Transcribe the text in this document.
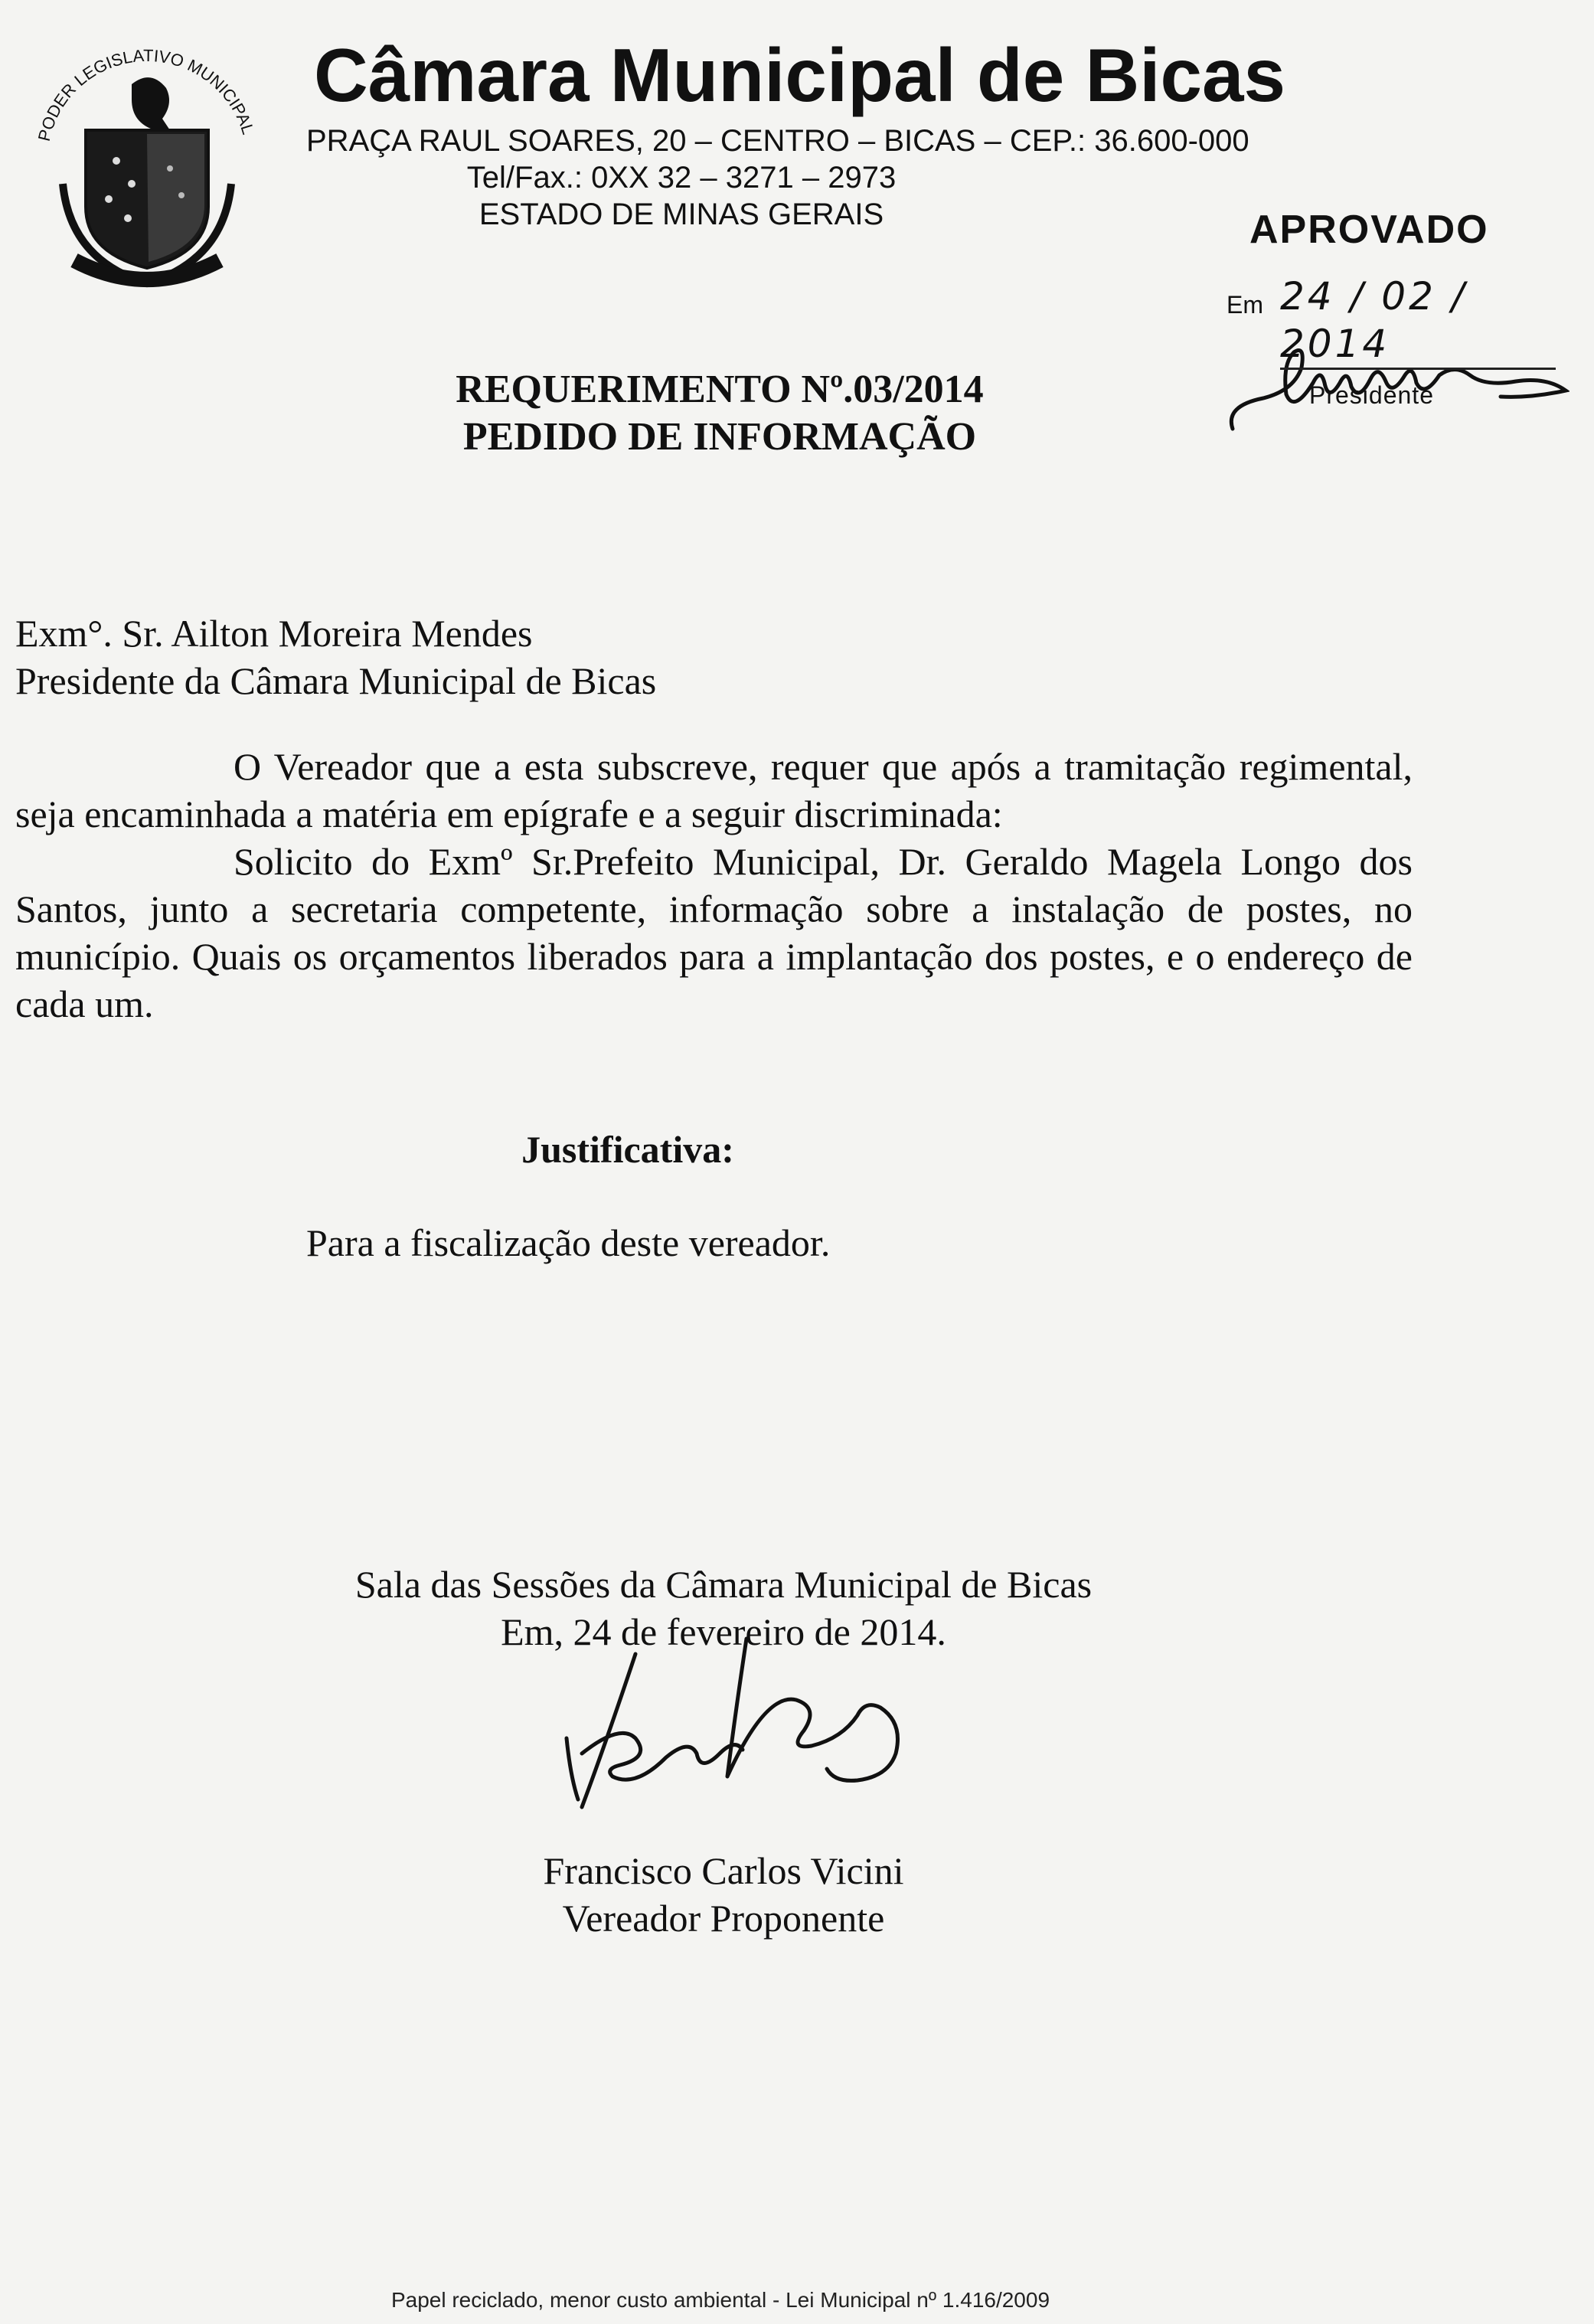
PODER LEGISLATIVO MUNICIPAL
Câmara Municipal de Bicas
PRAÇA RAUL SOARES, 20 – CENTRO – BICAS – CEP.: 36.600-000
Tel/Fax.: 0XX 32 – 3271 – 2973
ESTADO DE MINAS GERAIS	APROVADO
Em 24 / 02 / 2014
Presidente
REQUERIMENTO Nº.03/2014
PEDIDO DE INFORMAÇÃO
Exm°. Sr. Ailton Moreira Mendes
Presidente da Câmara Municipal de Bicas
O Vereador que a esta subscreve, requer que após a tramitação regimental, seja encaminhada a matéria em epígrafe e a seguir discriminada:
Solicito do Exmº Sr.Prefeito Municipal, Dr. Geraldo Magela Longo dos Santos, junto a secretaria competente, informação sobre a instalação de postes, no município. Quais os orçamentos liberados para a implantação dos postes, e o endereço de cada um.
Justificativa:
Para a fiscalização deste vereador.
Sala das Sessões da Câmara Municipal de Bicas
Em, 24 de fevereiro de 2014.
Francisco Carlos Vicini
Vereador Proponente
Papel reciclado, menor custo ambiental - Lei Municipal nº 1.416/2009
